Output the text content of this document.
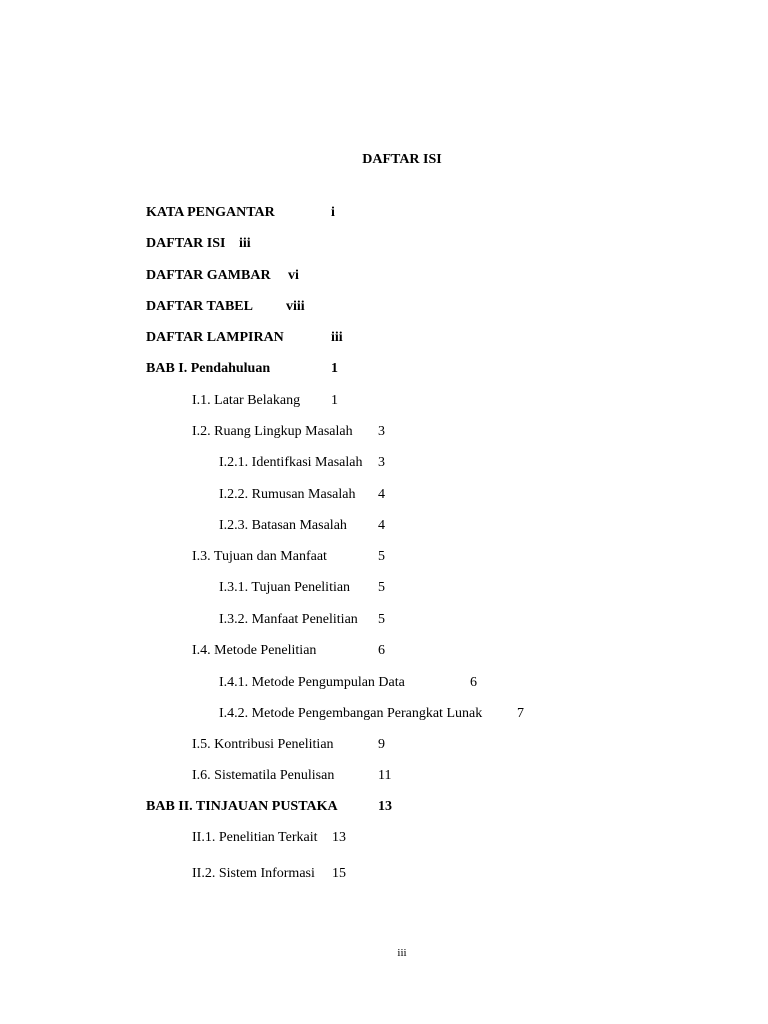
DAFTAR ISI
KATA PENGANTAR	i
DAFTAR ISI iii
DAFTAR GAMBAR vi
DAFTAR TABEL viii
DAFTAR LAMPIRAN	iii
BAB I. Pendahuluan	1
I.1. Latar Belakang 1
I.2. Ruang Lingkup Masalah 3
I.2.1. Identifkasi Masalah 3
I.2.2. Rumusan Masalah 4
I.2.3. Batasan Masalah 4
I.3. Tujuan dan Manfaat	5
I.3.1. Tujuan Penelitian 5
I.3.2. Manfaat Penelitian 5
I.4. Metode Penelitian	6
I.4.1. Metode Pengumpulan Data	6
I.4.2. Metode Pengembangan Perangkat Lunak 7
I.5. Kontribusi Penelitian	9
I.6. Sistematila Penulisan	11
BAB II. TINJAUAN PUSTAKA	13
II.1. Penelitian Terkait 13
II.2. Sistem Informasi 15
iii
